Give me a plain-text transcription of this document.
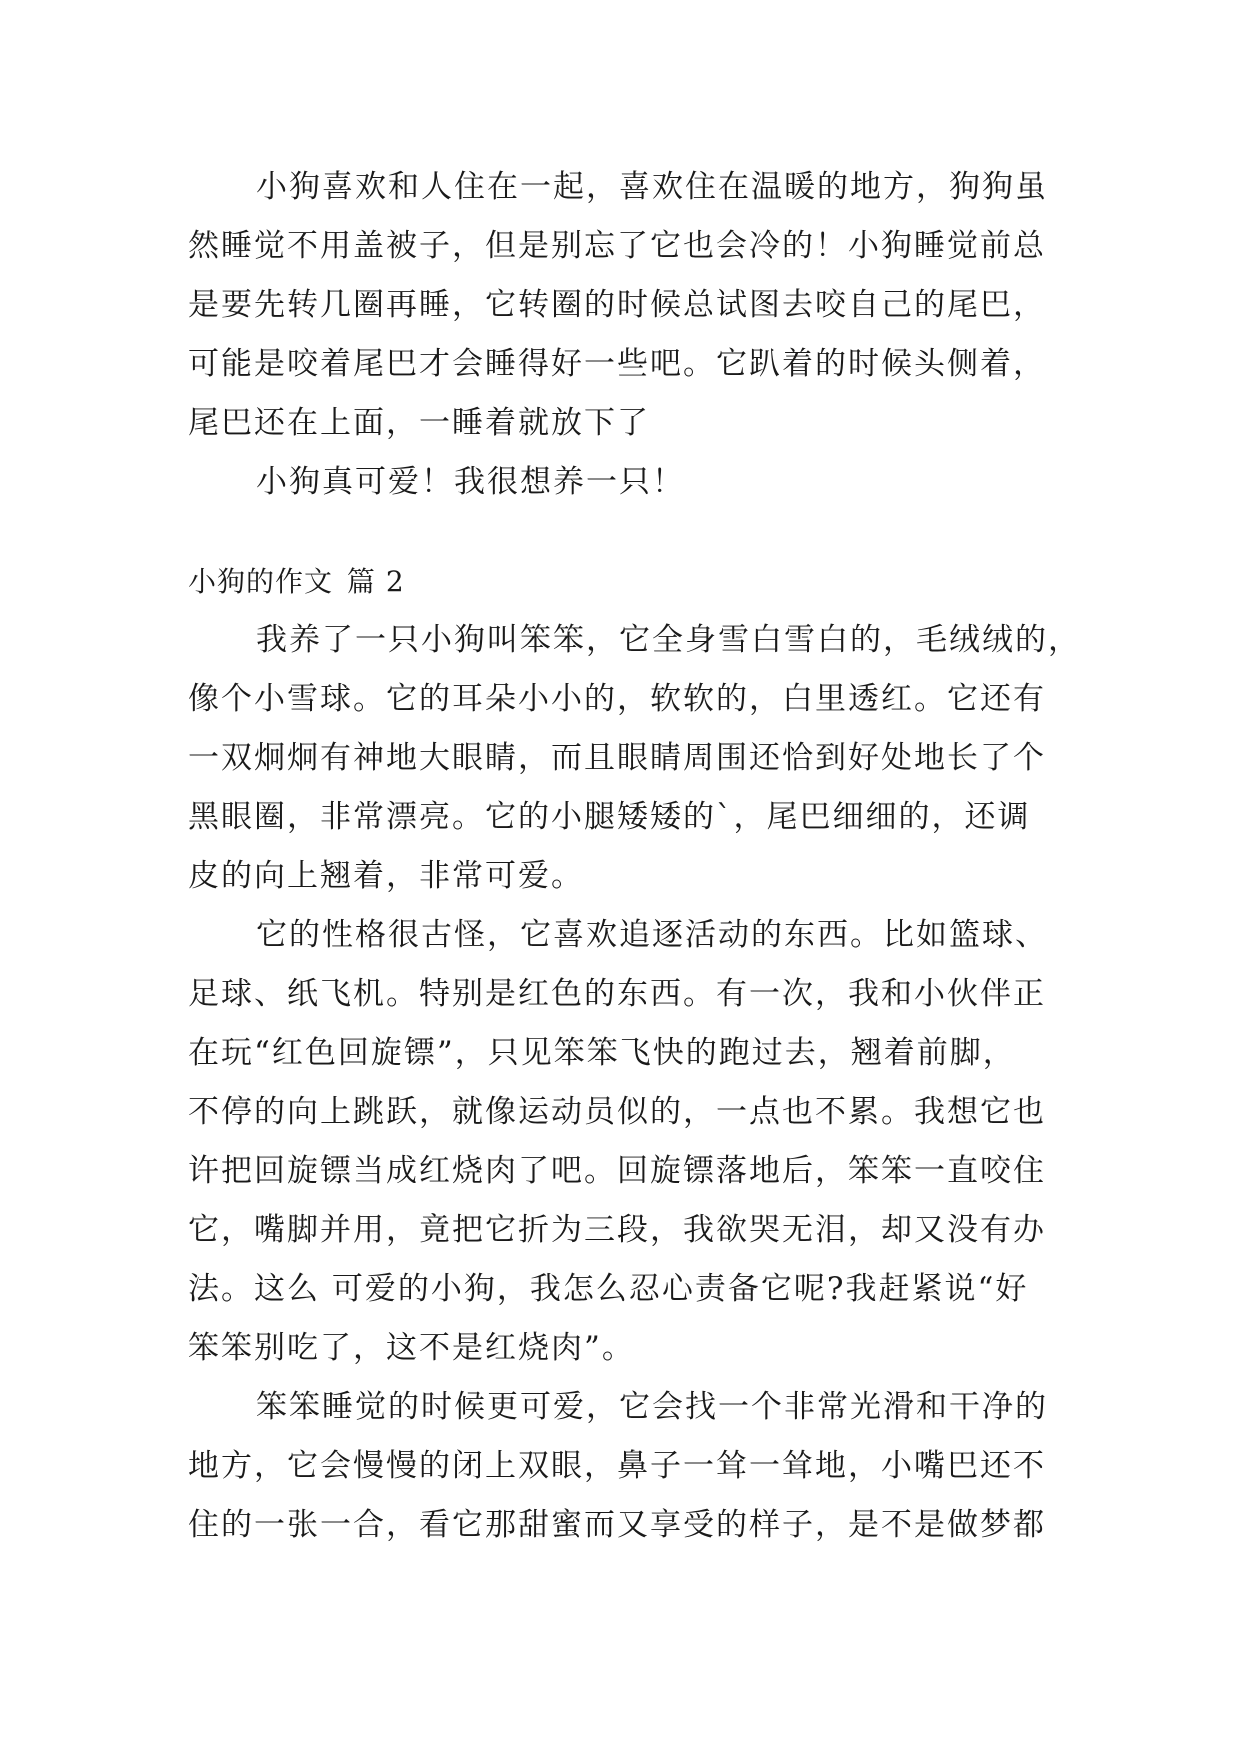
小狗喜欢和人住在一起，喜欢住在温暖的地方，狗狗虽
然睡觉不用盖被子，但是别忘了它也会冷的！小狗睡觉前总
是要先转几圈再睡，它转圈的时候总试图去咬自己的尾巴，
可能是咬着尾巴才会睡得好一些吧。它趴着的时候头侧着，
尾巴还在上面，一睡着就放下了
小狗真可爱！我很想养一只！
小狗的作文 篇 2
我养了一只小狗叫笨笨，它全身雪白雪白的，毛绒绒的，
像个小雪球。它的耳朵小小的，软软的，白里透红。它还有
一双炯炯有神地大眼睛，而且眼睛周围还恰到好处地长了个
黑眼圈，非常漂亮。它的小腿矮矮的`，尾巴细细的，还调
皮的向上翘着，非常可爱。
它的性格很古怪，它喜欢追逐活动的东西。比如篮球、
足球、纸飞机。特别是红色的东西。有一次，我和小伙伴正
在玩“红色回旋镖”，只见笨笨飞快的跑过去，翘着前脚，
不停的向上跳跃，就像运动员似的，一点也不累。我想它也
许把回旋镖当成红烧肉了吧。回旋镖落地后，笨笨一直咬住
它，嘴脚并用，竟把它折为三段，我欲哭无泪，却又没有办
法。这么 可爱的小狗，我怎么忍心责备它呢?我赶紧说“好
笨笨别吃了，这不是红烧肉”。
笨笨睡觉的时候更可爱，它会找一个非常光滑和干净的
地方，它会慢慢的闭上双眼，鼻子一耸一耸地，小嘴巴还不
住的一张一合，看它那甜蜜而又享受的样子，是不是做梦都
